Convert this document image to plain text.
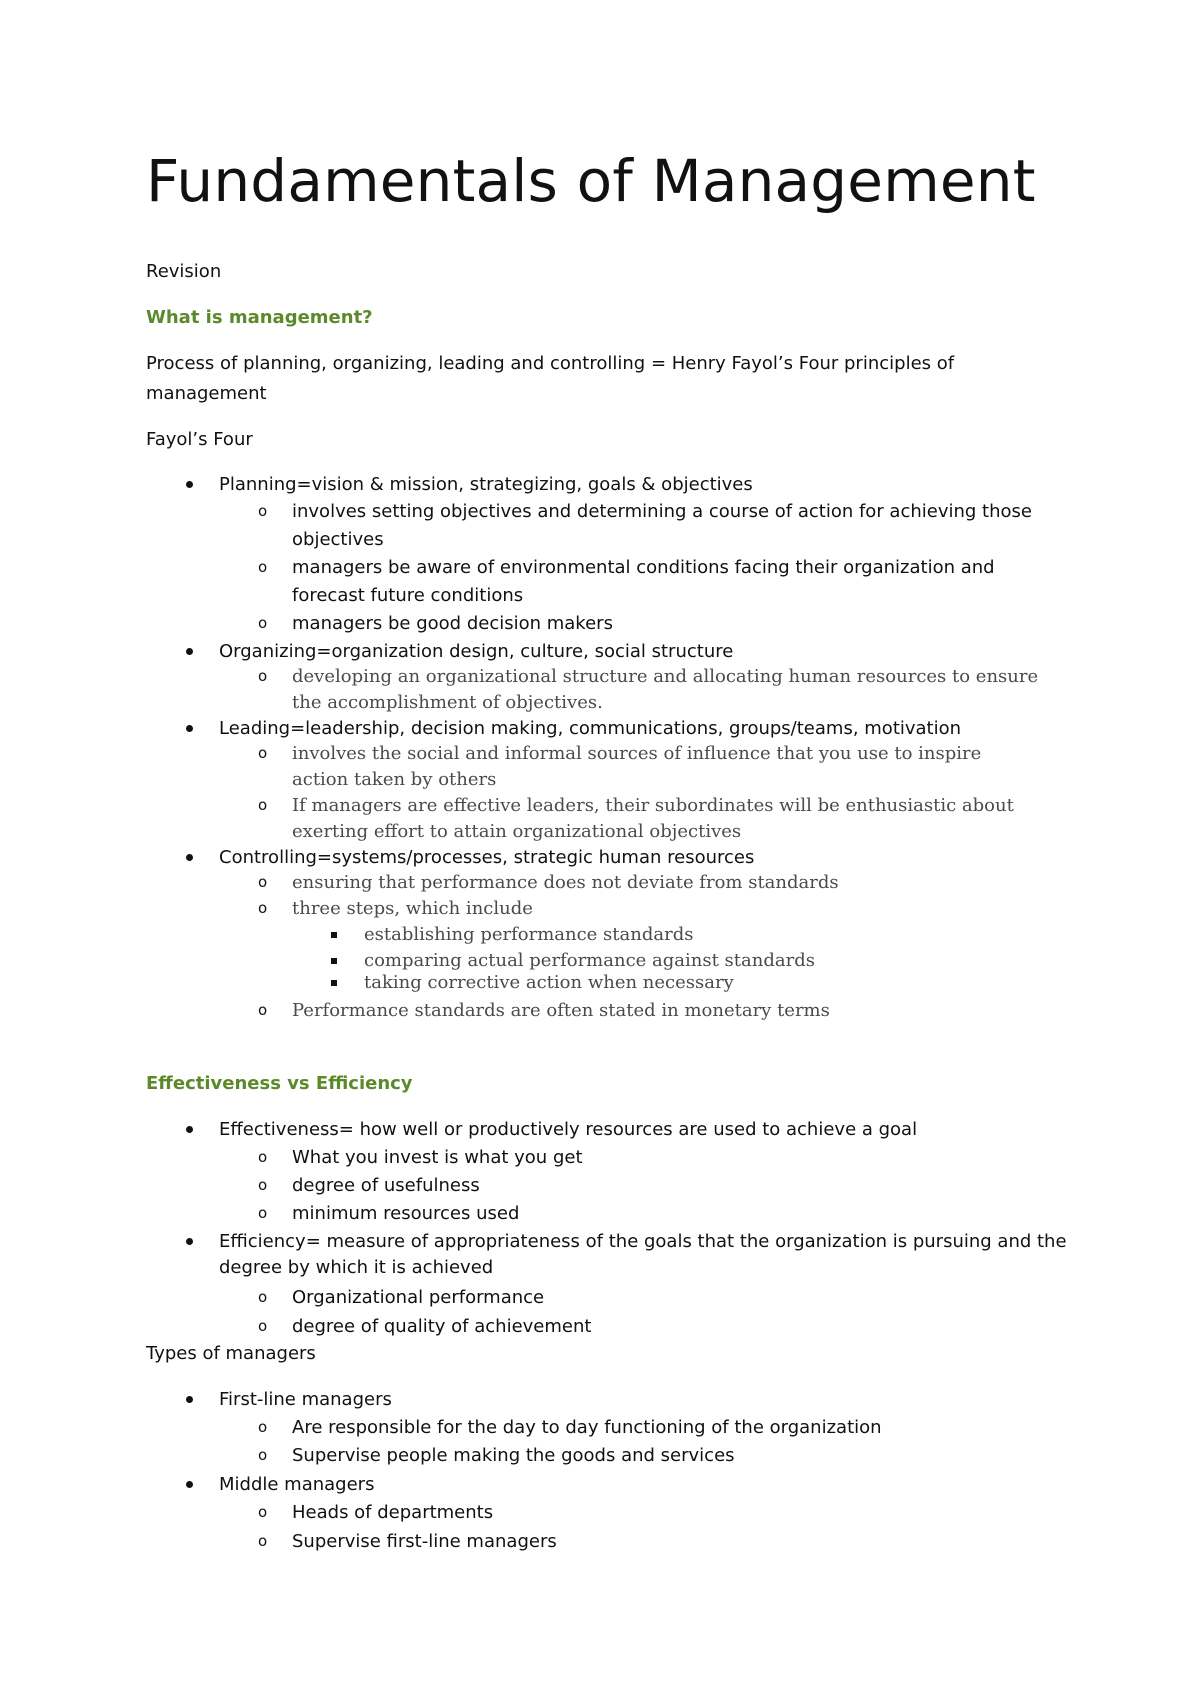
Fundamentals of Management
Revision
What is management?
Process of planning, organizing, leading and controlling = Henry Fayol’s Four principles of
management
Fayol’s Four
Planning=vision & mission, strategizing, goals & objectives
o involves setting objectives and determining a course of action for achieving those
objectives
o managers be aware of environmental conditions facing their organization and
forecast future conditions
o managers be good decision makers
Organizing=organization design, culture, social structure
o developing an organizational structure and allocating human resources to ensure
the accomplishment of objectives.
Leading=leadership, decision making, communications, groups/teams, motivation
o involves the social and informal sources of influence that you use to inspire
action taken by others
o If managers are effective leaders, their subordinates will be enthusiastic about
exerting effort to attain organizational objectives
Controlling=systems/processes, strategic human resources
o ensuring that performance does not deviate from standards
o three steps, which include
establishing performance standards
comparing actual performance against standards
taking corrective action when necessary
o Performance standards are often stated in monetary terms
Effectiveness vs Efficiency
Effectiveness= how well or productively resources are used to achieve a goal
o What you invest is what you get
o degree of usefulness
o minimum resources used
Efficiency= measure of appropriateness of the goals that the organization is pursuing and the
degree by which it is achieved
o Organizational performance
o degree of quality of achievement
Types of managers
First-line managers
o Are responsible for the day to day functioning of the organization
o Supervise people making the goods and services
Middle managers
o Heads of departments
o Supervise first-line managers
